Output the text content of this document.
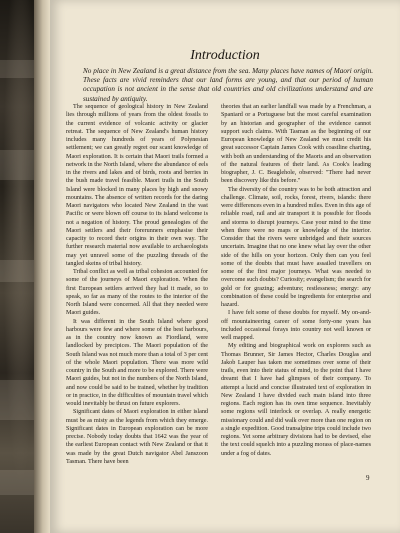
Introduction

No place in New Zealand is a great distance from the sea. Many places have names of Maori origin. These facts are vivid reminders that our land forms are young, and that our period of human occupation is not ancient in the sense that old countries and old civilizations understand and are sustained by antiquity.

The sequence of geological history in New Zealand lies through millions of years from the oldest fossils to the current evidence of volcanic activity or glacier retreat. The sequence of New Zealand's human history includes many hundreds of years of Polynesian settlement; we can greatly regret our scant knowledge of Maori exploration. It is certain that Maori trails formed a network in the North Island, where the abundance of eels in the rivers and lakes and of birds, roots and berries in the bush made travel feasible. Maori trails in the South Island were blocked in many places by high and snowy mountains. The absence of written records for the daring Maori navigators who located New Zealand in the vast Pacific or were blown off course to its island welcome is not a negation of history. The proud genealogies of the Maori settlers and their forerunners emphasise their capacity to record their origins in their own way. The further research material now available to archaeologists may yet unravel some of the puzzling threads of the tangled skeins of tribal history.

Tribal conflict as well as tribal cohesion accounted for some of the journeys of Maori exploration. When the first European settlers arrived they had it made, so to speak, so far as many of the routes to the interior of the North Island were concerned. All that they needed were Maori guides.

It was different in the South Island where good harbours were few and where some of the best harbours, as in the country now known as Fiordland, were landlocked by precipices. The Maori population of the South Island was not much more than a total of 3 per cent of the whole Maori population. There was more wild country in the South and more to be explored. There were Maori guides, but not in the numbers of the North Island, and now could be said to be trained, whether by tradition or in practice, in the difficulties of mountain travel which would inevitably be thrust on future explorers.

Significant dates of Maori exploration in either island must be as misty as the legends from which they emerge. Significant dates in European exploration can be more precise. Nobody today doubts that 1642 was the year of the earliest European contact with New Zealand or that it was made by the great Dutch navigator Abel Janszoon Tasman. There have been

theories that an earlier landfall was made by a Frenchman, a Spaniard or a Portuguese but the most careful examination by an historian and geographer of the evidence cannot support such claims. With Tasman as the beginning of our European knowledge of New Zealand we must credit his great successor Captain James Cook with coastline charting, with both an understanding of the Maoris and an observation of the natural features of their land. As Cook's leading biographer, J. C. Beaglehole, observed: "There had never been discovery like this before."

The diversity of the country was to be both attraction and challenge. Climate, soil, rocks, forest, rivers, islands: there were differences even in a hundred miles. Even in this age of reliable road, rail and air transport it is possible for floods and storms to disrupt journeys. Case your mind to the time when there were no maps or knowledge of the interior. Consider that the rivers were unbridged and their sources uncertain. Imagine that no one knew what lay over the other side of the hills on your horizon. Only then can you feel some of the doubts that must have assailed travellers on some of the first major journeys. What was needed to overcome such doubts? Curiosity; evangelism; the search for gold or for grazing; adventure; restlessness; energy: any combination of these could be ingredients for enterprise and hazard.

I have felt some of these doubts for myself. My on-and-off mountaineering career of some forty-one years has included occasional forays into country not well known or well mapped.

My editing and biographical work on explorers such as Thomas Brunner, Sir James Hector, Charles Douglas and Jakob Lauper has taken me sometimes over some of their trails, even into their status of mind, to the point that I have dreamt that I have had glimpses of their company. To attempt a lucid and concise illustrated text of exploration in New Zealand I have divided each main island into three regions. Each region has its own time sequence. Inevitably some regions will interlock or overlap. A really energetic missionary could and did walk over more than one region on a single expedition. Good transalpine trips could include two regions. Yet some arbitrary divisions had to be devised, else the text could squelch into a puzzling morass of place-names under a fog of dates.

9
